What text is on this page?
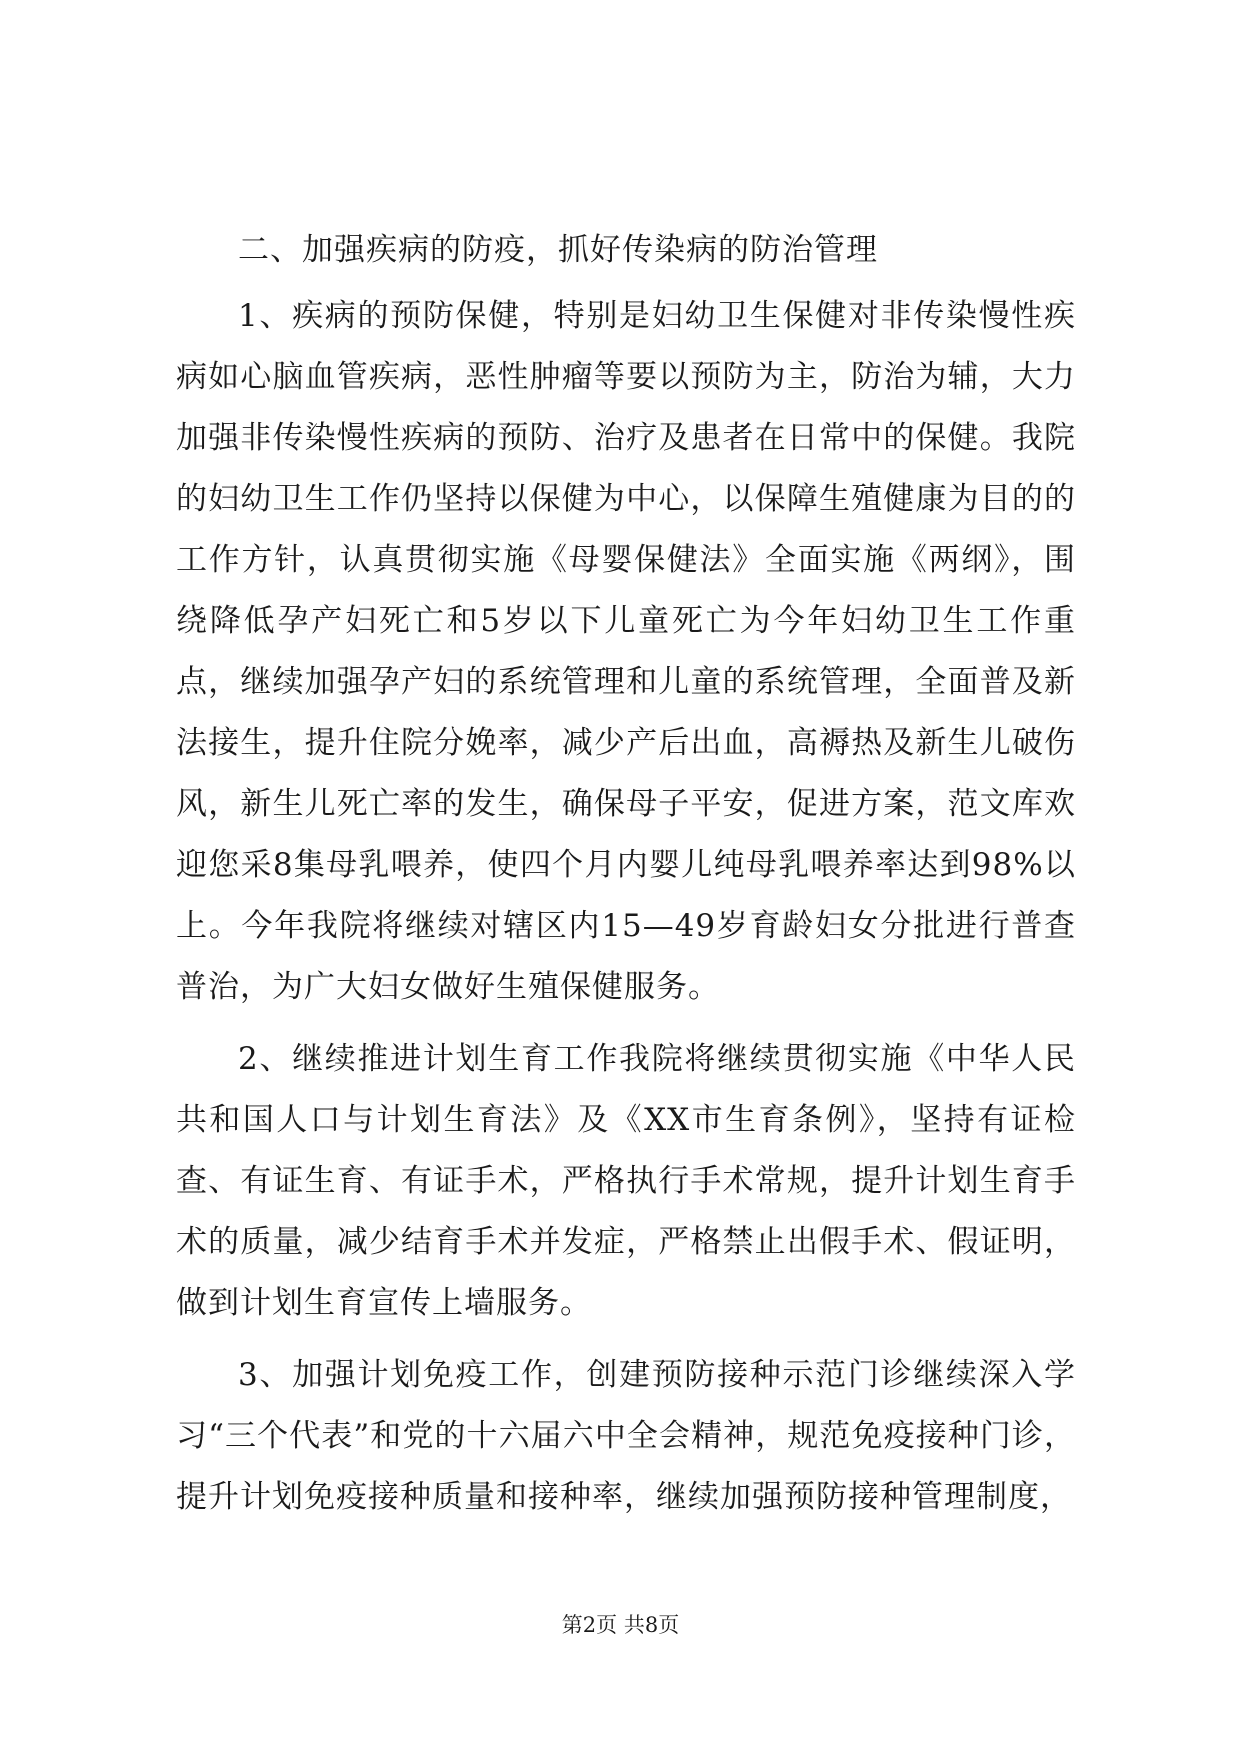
二、加强疾病的防疫，抓好传染病的防治管理

1、疾病的预防保健，特别是妇幼卫生保健对非传染慢性疾病如心脑血管疾病，恶性肿瘤等要以预防为主，防治为辅，大力加强非传染慢性疾病的预防、治疗及患者在日常中的保健。我院的妇幼卫生工作仍坚持以保健为中心，以保障生殖健康为目的的工作方针，认真贯彻实施《母婴保健法》全面实施《两纲》，围绕降低孕产妇死亡和5岁以下儿童死亡为今年妇幼卫生工作重点，继续加强孕产妇的系统管理和儿童的系统管理，全面普及新法接生，提升住院分娩率，减少产后出血，高褥热及新生儿破伤风，新生儿死亡率的发生，确保母子平安，促进方案，范文库欢迎您采8集母乳喂养，使四个月内婴儿纯母乳喂养率达到98%以上。今年我院将继续对辖区内15—49岁育龄妇女分批进行普查普治，为广大妇女做好生殖保健服务。

2、继续推进计划生育工作我院将继续贯彻实施《中华人民共和国人口与计划生育法》及《XX市生育条例》，坚持有证检查、有证生育、有证手术，严格执行手术常规，提升计划生育手术的质量，减少结育手术并发症，严格禁止出假手术、假证明，做到计划生育宣传上墙服务。

3、加强计划免疫工作，创建预防接种示范门诊继续深入学习“三个代表”和党的十六届六中全会精神，规范免疫接种门诊，提升计划免疫接种质量和接种率，继续加强预防接种管理制度，

第2页 共8页
